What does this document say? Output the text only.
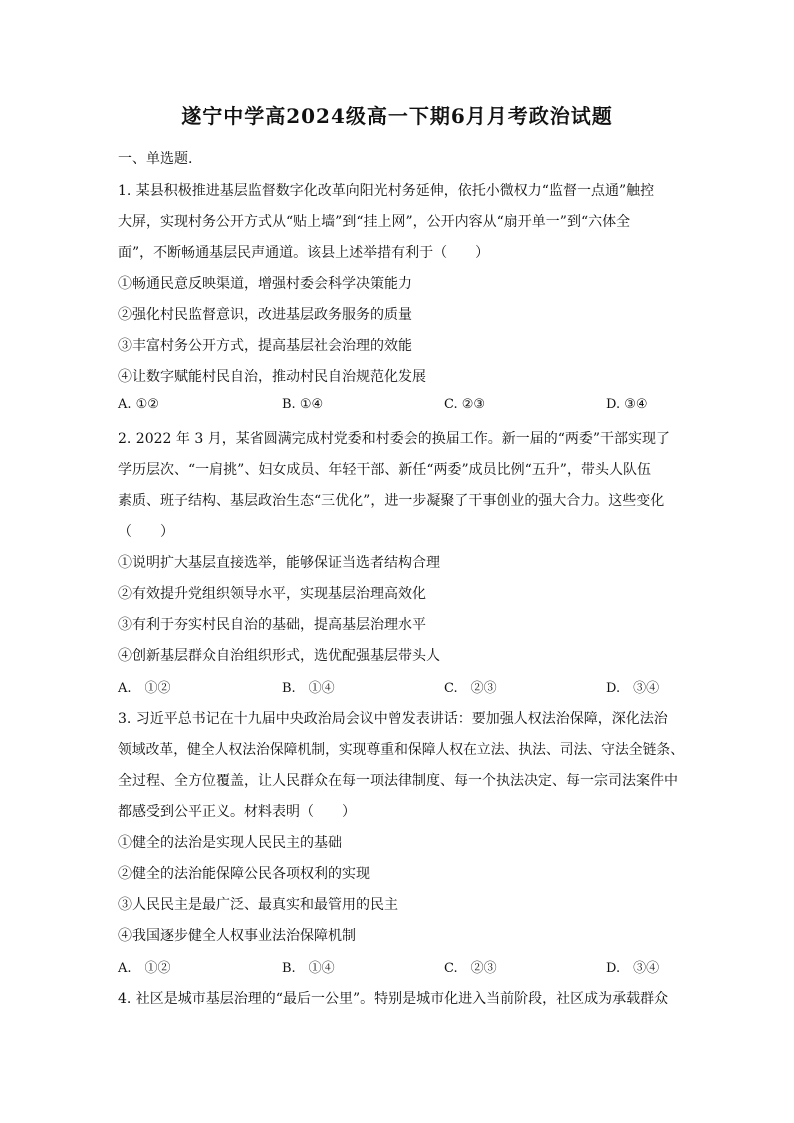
遂宁中学高2024级高一下期6月月考政治试题
一、单选题.
1. 某县积极推进基层监督数字化改革向阳光村务延伸，依托小微权力“监督一点通”触控
大屏，实现村务公开方式从“贴上墙”到“挂上网”，公开内容从“扇开单一”到“六体全
面”，不断畅通基层民声通道。该县上述举措有利于（　　）
①畅通民意反映渠道，增强村委会科学决策能力
②强化村民监督意识，改进基层政务服务的质量
③丰富村务公开方式，提高基层社会治理的效能
④让数字赋能村民自治，推动村民自治规范化发展
A. ①②	B. ①④	C. ②③	D. ③④
2. 2022 年 3 月，某省圆满完成村党委和村委会的换届工作。新一届的“两委”干部实现了
学历层次、“一肩挑”、妇女成员、年轻干部、新任“两委”成员比例“五升”，带头人队伍
素质、班子结构、基层政治生态“三优化”，进一步凝聚了干事创业的强大合力。这些变化
（　　）
①说明扩大基层直接选举，能够保证当选者结构合理
②有效提升党组织领导水平，实现基层治理高效化
③有利于夯实村民自治的基础，提高基层治理水平
④创新基层群众自治组织形式，选优配强基层带头人
A.　①②	B.　①④	C.　②③	D.　③④
3. 习近平总书记在十九届中央政治局会议中曾发表讲话：要加强人权法治保障，深化法治
领域改革，健全人权法治保障机制，实现尊重和保障人权在立法、执法、司法、守法全链条、
全过程、全方位覆盖，让人民群众在每一项法律制度、每一个执法决定、每一宗司法案件中
都感受到公平正义。材料表明（　　）
①健全的法治是实现人民民主的基础
②健全的法治能保障公民各项权利的实现
③人民民主是最广泛、最真实和最管用的民主
④我国逐步健全人权事业法治保障机制
A.　①②	B.　①④	C.　②③	D.　③④
4. 社区是城市基层治理的“最后一公里”。特别是城市化进入当前阶段，社区成为承载群众
